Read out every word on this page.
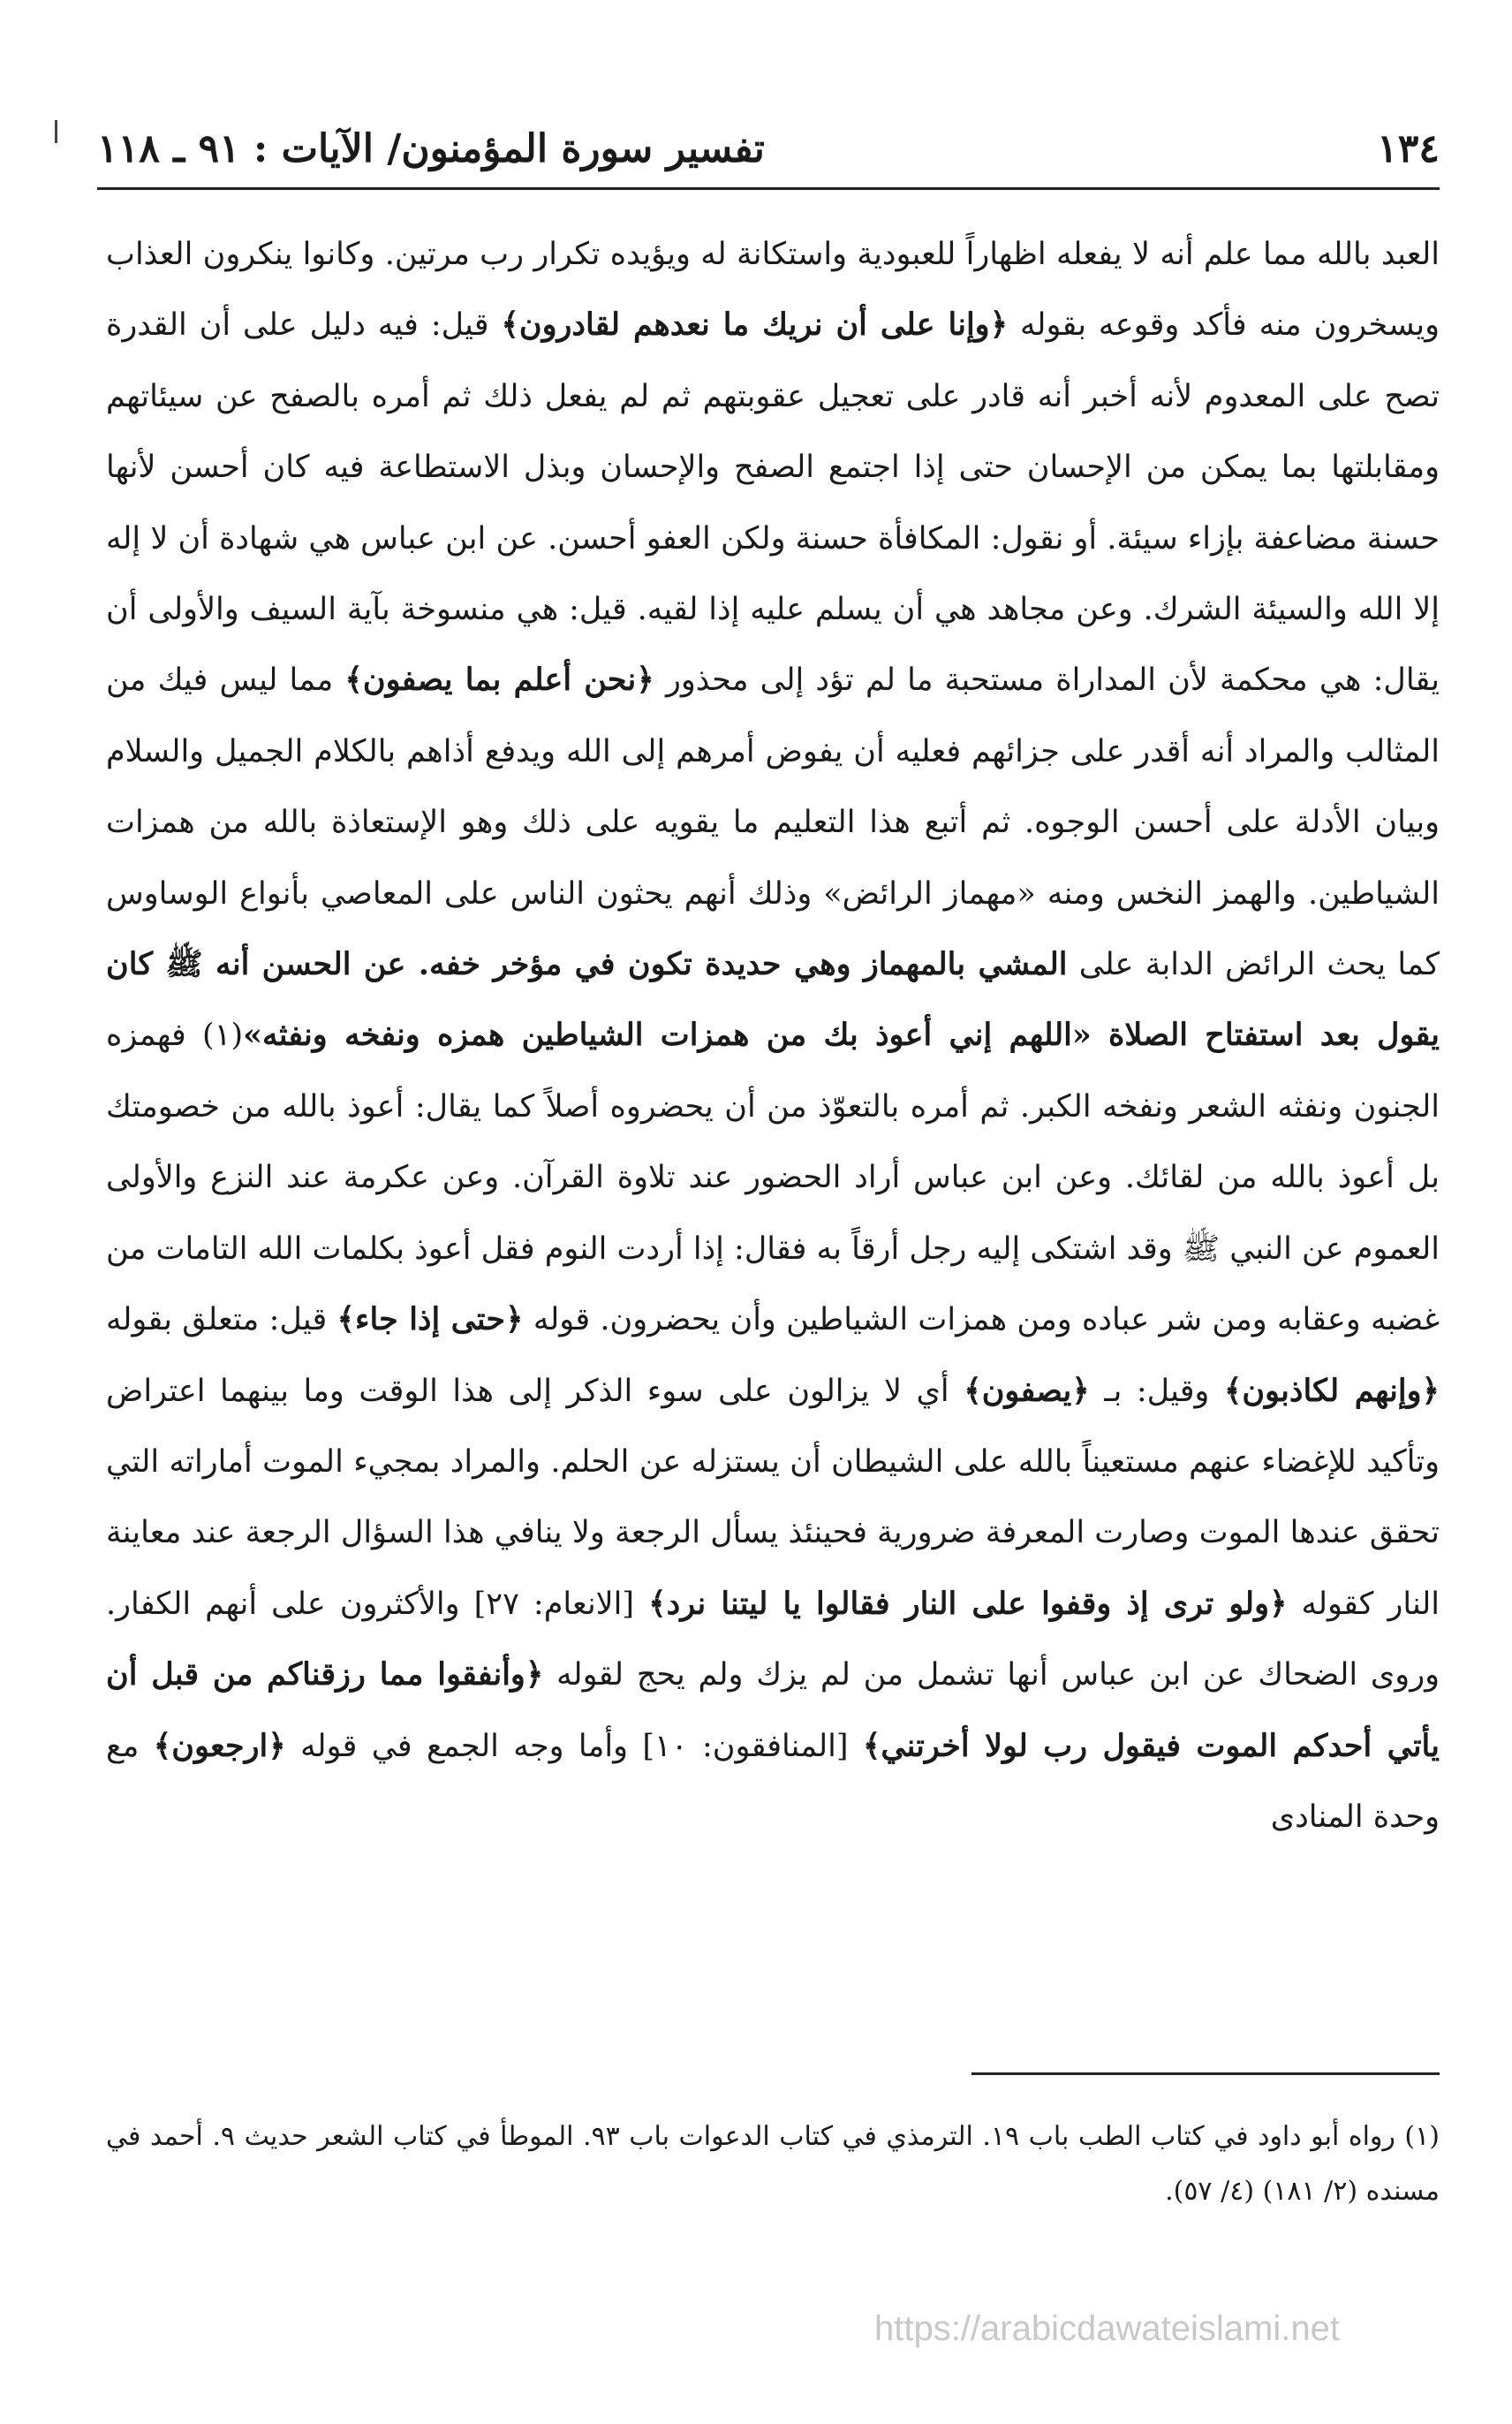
١٣٤
تفسير سورة المؤمنون/ الآيات : ٩١ ـ ١١٨

العبد بالله مما علم أنه لا يفعله اظهاراً للعبودية واستكانة له ويؤيده تكرار رب مرتين. وكانوا ينكرون العذاب ويسخرون منه فأكد وقوعه بقوله ﴿وإنا على أن نريك ما نعدهم لقادرون﴾ قيل: فيه دليل على أن القدرة تصح على المعدوم لأنه أخبر أنه قادر على تعجيل عقوبتهم ثم لم يفعل ذلك ثم أمره بالصفح عن سيئاتهم ومقابلتها بما يمكن من الإحسان حتى إذا اجتمع الصفح والإحسان وبذل الاستطاعة فيه كان أحسن لأنها حسنة مضاعفة بإزاء سيئة. أو نقول: المكافأة حسنة ولكن العفو أحسن. عن ابن عباس هي شهادة أن لا إله إلا الله والسيئة الشرك. وعن مجاهد هي أن يسلم عليه إذا لقيه. قيل: هي منسوخة بآية السيف والأولى أن يقال: هي محكمة لأن المداراة مستحبة ما لم تؤد إلى محذور ﴿نحن أعلم بما يصفون﴾ مما ليس فيك من المثالب والمراد أنه أقدر على جزائهم فعليه أن يفوض أمرهم إلى الله ويدفع أذاهم بالكلام الجميل والسلام وبيان الأدلة على أحسن الوجوه. ثم أتبع هذا التعليم ما يقويه على ذلك وهو الإستعاذة بالله من همزات الشياطين. والهمز النخس ومنه «مهماز الرائض» وذلك أنهم يحثون الناس على المعاصي بأنواع الوساوس كما يحث الرائض الدابة على المشي بالمهماز وهي حديدة تكون في مؤخر خفه. عن الحسن أنه ﷺ كان يقول بعد استفتاح الصلاة «اللهم إني أعوذ بك من همزات الشياطين همزه ونفخه ونفثه»(١) فهمزه الجنون ونفثه الشعر ونفخه الكبر. ثم أمره بالتعوّذ من أن يحضروه أصلاً كما يقال: أعوذ بالله من خصومتك بل أعوذ بالله من لقائك. وعن ابن عباس أراد الحضور عند تلاوة القرآن. وعن عكرمة عند النزع والأولى العموم عن النبي ﷺ وقد اشتكى إليه رجل أرقاً به فقال: إذا أردت النوم فقل أعوذ بكلمات الله التامات من غضبه وعقابه ومن شر عباده ومن همزات الشياطين وأن يحضرون. قوله ﴿حتى إذا جاء﴾ قيل: متعلق بقوله ﴿وإنهم لكاذبون﴾ وقيل: بـ ﴿يصفون﴾ أي لا يزالون على سوء الذكر إلى هذا الوقت وما بينهما اعتراض وتأكيد للإغضاء عنهم مستعيناً بالله على الشيطان أن يستزله عن الحلم. والمراد بمجيء الموت أماراته التي تحقق عندها الموت وصارت المعرفة ضرورية فحينئذ يسأل الرجعة ولا ينافي هذا السؤال الرجعة عند معاينة النار كقوله ﴿ولو ترى إذ وقفوا على النار فقالوا يا ليتنا نرد﴾ [الانعام: ٢٧] والأكثرون على أنهم الكفار. وروى الضحاك عن ابن عباس أنها تشمل من لم يزك ولم يحج لقوله ﴿وأنفقوا مما رزقناكم من قبل أن يأتي أحدكم الموت فيقول رب لولا أخرتني﴾ [المنافقون: ١٠] وأما وجه الجمع في قوله ﴿ارجعون﴾ مع وحدة المنادى

(١) رواه أبو داود في كتاب الطب باب ١٩. الترمذي في كتاب الدعوات باب ٩٣. الموطأ في كتاب الشعر حديث ٩. أحمد في مسنده (٢/ ١٨١) (٤/ ٥٧).

https://arabicdawateislami.net
